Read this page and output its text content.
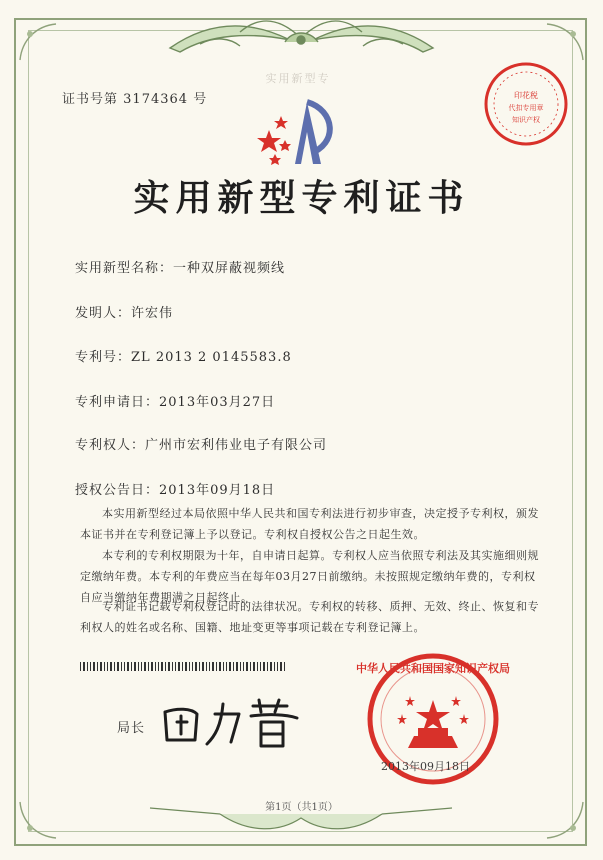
证书号第 3174364 号
实用新型专
印花税
代扣专用章
知识产权
实用新型专利证书
实用新型名称：一种双屏蔽视频线
发明人：许宏伟
专利号：ZL 2013 2 0145583.8
专利申请日：2013年03月27日
专利权人：广州市宏利伟业电子有限公司
授权公告日：2013年09月18日
本实用新型经过本局依照中华人民共和国专利法进行初步审查，决定授予专利权，颁发本证书并在专利登记簿上予以登记。专利权自授权公告之日起生效。
本专利的专利权期限为十年，自申请日起算。专利权人应当依照专利法及其实施细则规定缴纳年费。本专利的年费应当在每年03月27日前缴纳。未按照规定缴纳年费的，专利权自应当缴纳年费期满之日起终止。
专利证书记载专利权登记时的法律状况。专利权的转移、质押、无效、终止、恢复和专利权人的姓名或名称、国籍、地址变更等事项记载在专利登记簿上。
局长
中华人民共和国国家知识产权局
2013年09月18日
第1页（共1页）
